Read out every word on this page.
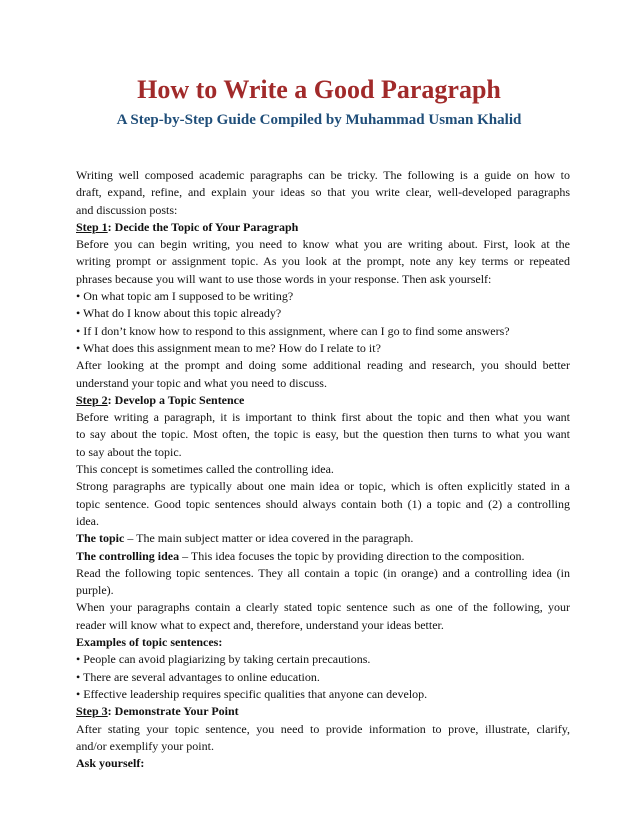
How to Write a Good Paragraph
A Step-by-Step Guide Compiled by Muhammad Usman Khalid
Writing well composed academic paragraphs can be tricky. The following is a guide on how to
draft, expand, refine, and explain your ideas so that you write clear, well-developed paragraphs
and discussion posts:
Step 1: Decide the Topic of Your Paragraph
Before you can begin writing, you need to know what you are writing about. First, look at the
writing prompt or assignment topic. As you look at the prompt, note any key terms or repeated
phrases because you will want to use those words in your response. Then ask yourself:
• On what topic am I supposed to be writing?
• What do I know about this topic already?
• If I don’t know how to respond to this assignment, where can I go to find some answers?
• What does this assignment mean to me? How do I relate to it?
After looking at the prompt and doing some additional reading and research, you should better
understand your topic and what you need to discuss.
Step 2: Develop a Topic Sentence
Before writing a paragraph, it is important to think first about the topic and then what you want
to say about the topic. Most often, the topic is easy, but the question then turns to what you want
to say about the topic.
This concept is sometimes called the controlling idea.
Strong paragraphs are typically about one main idea or topic, which is often explicitly stated in a
topic sentence. Good topic sentences should always contain both (1) a topic and (2) a controlling
idea.
The topic – The main subject matter or idea covered in the paragraph.
The controlling idea – This idea focuses the topic by providing direction to the composition.
Read the following topic sentences. They all contain a topic (in orange) and a controlling idea (in
purple).
When your paragraphs contain a clearly stated topic sentence such as one of the following, your
reader will know what to expect and, therefore, understand your ideas better.
Examples of topic sentences:
• People can avoid plagiarizing by taking certain precautions.
• There are several advantages to online education.
• Effective leadership requires specific qualities that anyone can develop.
Step 3: Demonstrate Your Point
After stating your topic sentence, you need to provide information to prove, illustrate, clarify,
and/or exemplify your point.
Ask yourself:
